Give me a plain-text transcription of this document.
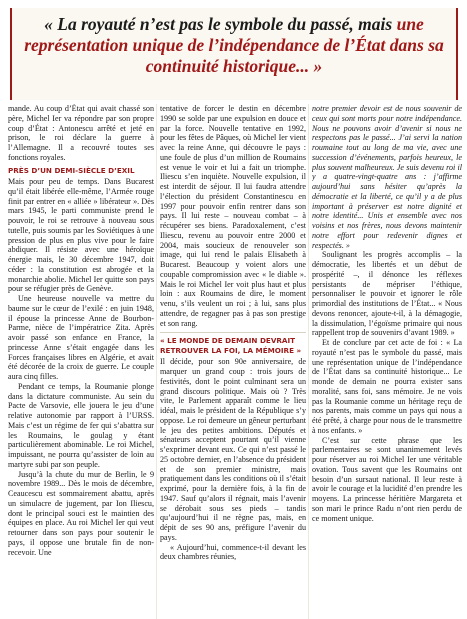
« La royauté n’est pas le symbole du passé, mais une représentation unique de l’indépendance de l’État dans sa continuité historique... »

mande. Au coup d’État qui avait chassé son père, Michel Ier va répondre par son propre coup d’État : Antonescu arrêté et jeté en prison, le roi déclare la guerre à l’Allemagne. Il a recouvré toutes ses fonctions royales.

PRÈS D’UN DEMI-SIÈCLE D’EXIL

Mais pour peu de temps. Dans Bucarest qu’il était libérée elle-même, l’Armée rouge finit par entrer en « alliée » libérateur ». Dès mars 1945, le parti communiste prend le pouvoir, le roi se retrouve à nouveau sous tutelle, puis soumis par les Soviétiques à une pression de plus en plus vive pour le faire abdiquer. Il résiste avec une héroïque énergie mais, le 30 décembre 1947, doit céder : la constitution est abrogée et la monarchie abolie. Michel Ier quitte son pays pour se réfugier près de Genève.

Une heureuse nouvelle va mettre du baume sur le cœur de l’exilé : en juin 1948, il épouse la princesse Anne de Bourbon-Parme, nièce de l’impératrice Zita. Après avoir passé son enfance en France, la princesse Anne s’était engagée dans les Forces françaises libres en Algérie, et avait été décorée de la croix de guerre. Le couple aura cinq filles.

Pendant ce temps, la Roumanie plonge dans la dictature communiste. Au sein du Pacte de Varsovie, elle jouera le jeu d’une relative autonomie par rapport à l’URSS. Mais c’est un régime de fer qui s’abattra sur les Roumains, le goulag y étant particulièrement abominable. Le roi Michel, impuissant, ne pourra qu’assister de loin au martyre subi par son peuple.

Jusqu’à la chute du mur de Berlin, le 9 novembre 1989... Dès le mois de décembre, Ceaucescu est sommairement abattu, après un simulacre de jugement, par Ion Iliescu, dont le principal souci est le maintien des équipes en place. Au roi Michel Ier qui veut retourner dans son pays pour soutenir le pays, il oppose une brutale fin de non-recevoir. Une

tentative de forcer le destin en décembre 1990 se solde par une expulsion en douce et par la force. Nouvelle tentative en 1992, pour les fêtes de Pâques, où Michel Ier vient avec la reine Anne, qui découvre le pays : une foule de plus d’un million de Roumains est venue le voir et lui a fait un triomphe. Iliescu s’en inquiète. Nouvelle expulsion, il est interdit de séjour. Il lui faudra attendre l’élection du président Constantinescu en 1997 pour pouvoir enfin rentrer dans son pays. Il lui reste – nouveau combat – à récupérer ses biens. Paradoxalement, c’est Iliescu, revenu au pouvoir entre 2000 et 2004, mais soucieux de renouveler son image, qui lui rend le palais Elisabeth à Bucarest. Beaucoup y voient alors une coupable compromission avec « le diable ». Mais le roi Michel Ier voit plus haut et plus loin : aux Roumains de dire, le moment venu, s’ils veulent un roi ; à lui, sans plus attendre, de regagner pas à pas son prestige et son rang.

« LE MONDE DE DEMAIN DEVRAIT RETROUVER LA FOI, LA MÉMOIRE »

Il décide, pour son 90e anniversaire, de marquer un grand coup : trois jours de festivités, dont le point culminant sera un grand discours politique. Mais où ? Très vite, le Parlement apparaît comme le lieu idéal, mais le président de la République s’y oppose. Le roi demeure un gêneur perturbant le jeu des petites ambitions. Députés et sénateurs acceptent pourtant qu’il vienne s’exprimer devant eux. Ce qui n’est passé le 25 octobre dernier, en l’absence du président et de son premier ministre, mais pratiquement dans les conditions où il s’était exprimé, pour la dernière fois, à la fin de 1947. Sauf qu’alors il régnait, mais l’avenir se dérobait sous ses pieds – tandis qu’aujourd’hui il ne règne pas, mais, en dépit de ses 90 ans, préfigure l’avenir du pays.

« Aujourd’hui, commence-t-il devant les deux chambres réunies,

notre premier devoir est de nous souvenir de ceux qui sont morts pour notre indépendance. Nous ne pouvons avoir d’avenir si nous ne respectons pas le passé... J’ai servi la nation roumaine tout au long de ma vie, avec une succession d’événements, parfois heureux, le plus souvent malheureux. Je suis devenu roi il y a quatre-vingt-quatre ans : j’affirme aujourd’hui sans hésiter qu’après la démocratie et la liberté, ce qu’il y a de plus important à préserver est notre dignité et notre identité... Unis et ensemble avec nos voisins et nos frères, nous devons maintenir notre effort pour redevenir dignes et respectés. »

Soulignant les progrès accomplis – la démocratie, les libertés et un début de prospérité –, il dénonce les réflexes persistants de mépriser l’éthique, personnaliser le pouvoir et ignorer le rôle primordial des institutions de l’État... « Nous devons renoncer, ajoute-t-il, à la démagogie, la dissimulation, l’égoïsme primaire qui nous rappellent trop de souvenirs d’avant 1989. »

Et de conclure par cet acte de foi : « La royauté n’est pas le symbole du passé, mais une représentation unique de l’indépendance de l’État dans sa continuité historique... Le monde de demain ne pourra exister sans moralité, sans foi, sans mémoire. Je ne vois pas la Roumanie comme un héritage reçu de nos parents, mais comme un pays qui nous a été prêté, à charge pour nous de le transmettre à nos enfants. »

C’est sur cette phrase que les parlementaires se sont unanimement levés pour réserver au roi Michel Ier une véritable ovation. Tous savent que les Roumains ont besoin d’un sursaut national. Il leur reste à avoir le courage et la lucidité d’en prendre les moyens. La princesse héritière Margareta et son mari le prince Radu n’ont rien perdu de ce moment unique.
